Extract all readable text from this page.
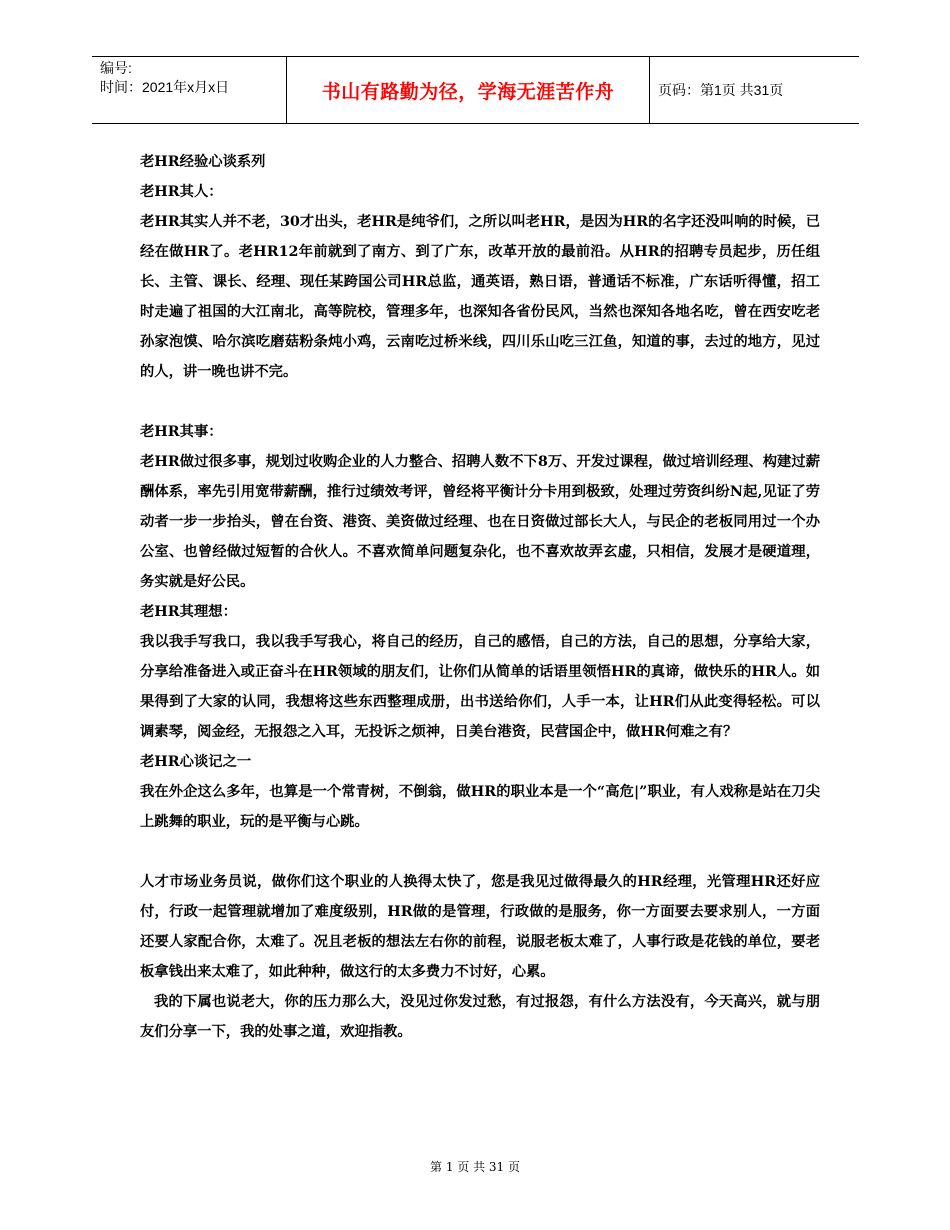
编号:
时间：2021年x月x日	书山有路勤为径，学海无涯苦作舟	页码：第1页 共31页

老HR经验心谈系列

老HR其人：

老HR其实人并不老，30才出头，老HR是纯爷们，之所以叫老HR，是因为HR的名字还没叫响的时候，已经在做HR了。老HR12年前就到了南方、到了广东，改革开放的最前沿。从HR的招聘专员起步，历任组长、主管、课长、经理、现任某跨国公司HR总监，通英语，熟日语，普通话不标准，广东话听得懂，招工时走遍了祖国的大江南北，高等院校，管理多年，也深知各省份民风，当然也深知各地名吃，曾在西安吃老孙家泡馍、哈尔滨吃磨菇粉条炖小鸡，云南吃过桥米线，四川乐山吃三江鱼，知道的事，去过的地方，见过的人，讲一晚也讲不完。

老HR其事：

老HR做过很多事，规划过收购企业的人力整合、招聘人数不下8万、开发过课程，做过培训经理、构建过薪酬体系，率先引用宽带薪酬，推行过绩效考评，曾经将平衡计分卡用到极致，处理过劳资纠纷N起,见证了劳动者一步一步抬头，曾在台资、港资、美资做过经理、也在日资做过部长大人，与民企的老板同用过一个办公室、也曾经做过短暂的合伙人。不喜欢简单问题复杂化，也不喜欢故弄玄虚，只相信，发展才是硬道理，务实就是好公民。

老HR其理想：

我以我手写我口，我以我手写我心，将自己的经历，自己的感悟，自己的方法，自己的思想，分享给大家，分享给准备进入或正奋斗在HR领域的朋友们，让你们从简单的话语里领悟HR的真谛，做快乐的HR人。如果得到了大家的认同，我想将这些东西整理成册，出书送给你们，人手一本，让HR们从此变得轻松。可以调素琴，阅金经，无报怨之入耳，无投诉之烦神，日美台港资，民营国企中，做HR何难之有？

老HR心谈记之一

我在外企这么多年，也算是一个常青树，不倒翁，做HR的职业本是一个“高危|”职业，有人戏称是站在刀尖上跳舞的职业，玩的是平衡与心跳。

人才市场业务员说，做你们这个职业的人换得太快了，您是我见过做得最久的HR经理，光管理HR还好应付，行政一起管理就增加了难度级别，HR做的是管理，行政做的是服务，你一方面要去要求别人，一方面还要人家配合你，太难了。况且老板的想法左右你的前程，说服老板太难了，人事行政是花钱的单位，要老板拿钱出来太难了，如此种种，做这行的太多费力不讨好，心累。

我的下属也说老大，你的压力那么大，没见过你发过愁，有过报怨，有什么方法没有，今天高兴，就与朋友们分享一下，我的处事之道，欢迎指教。

第 1 页 共 31 页
